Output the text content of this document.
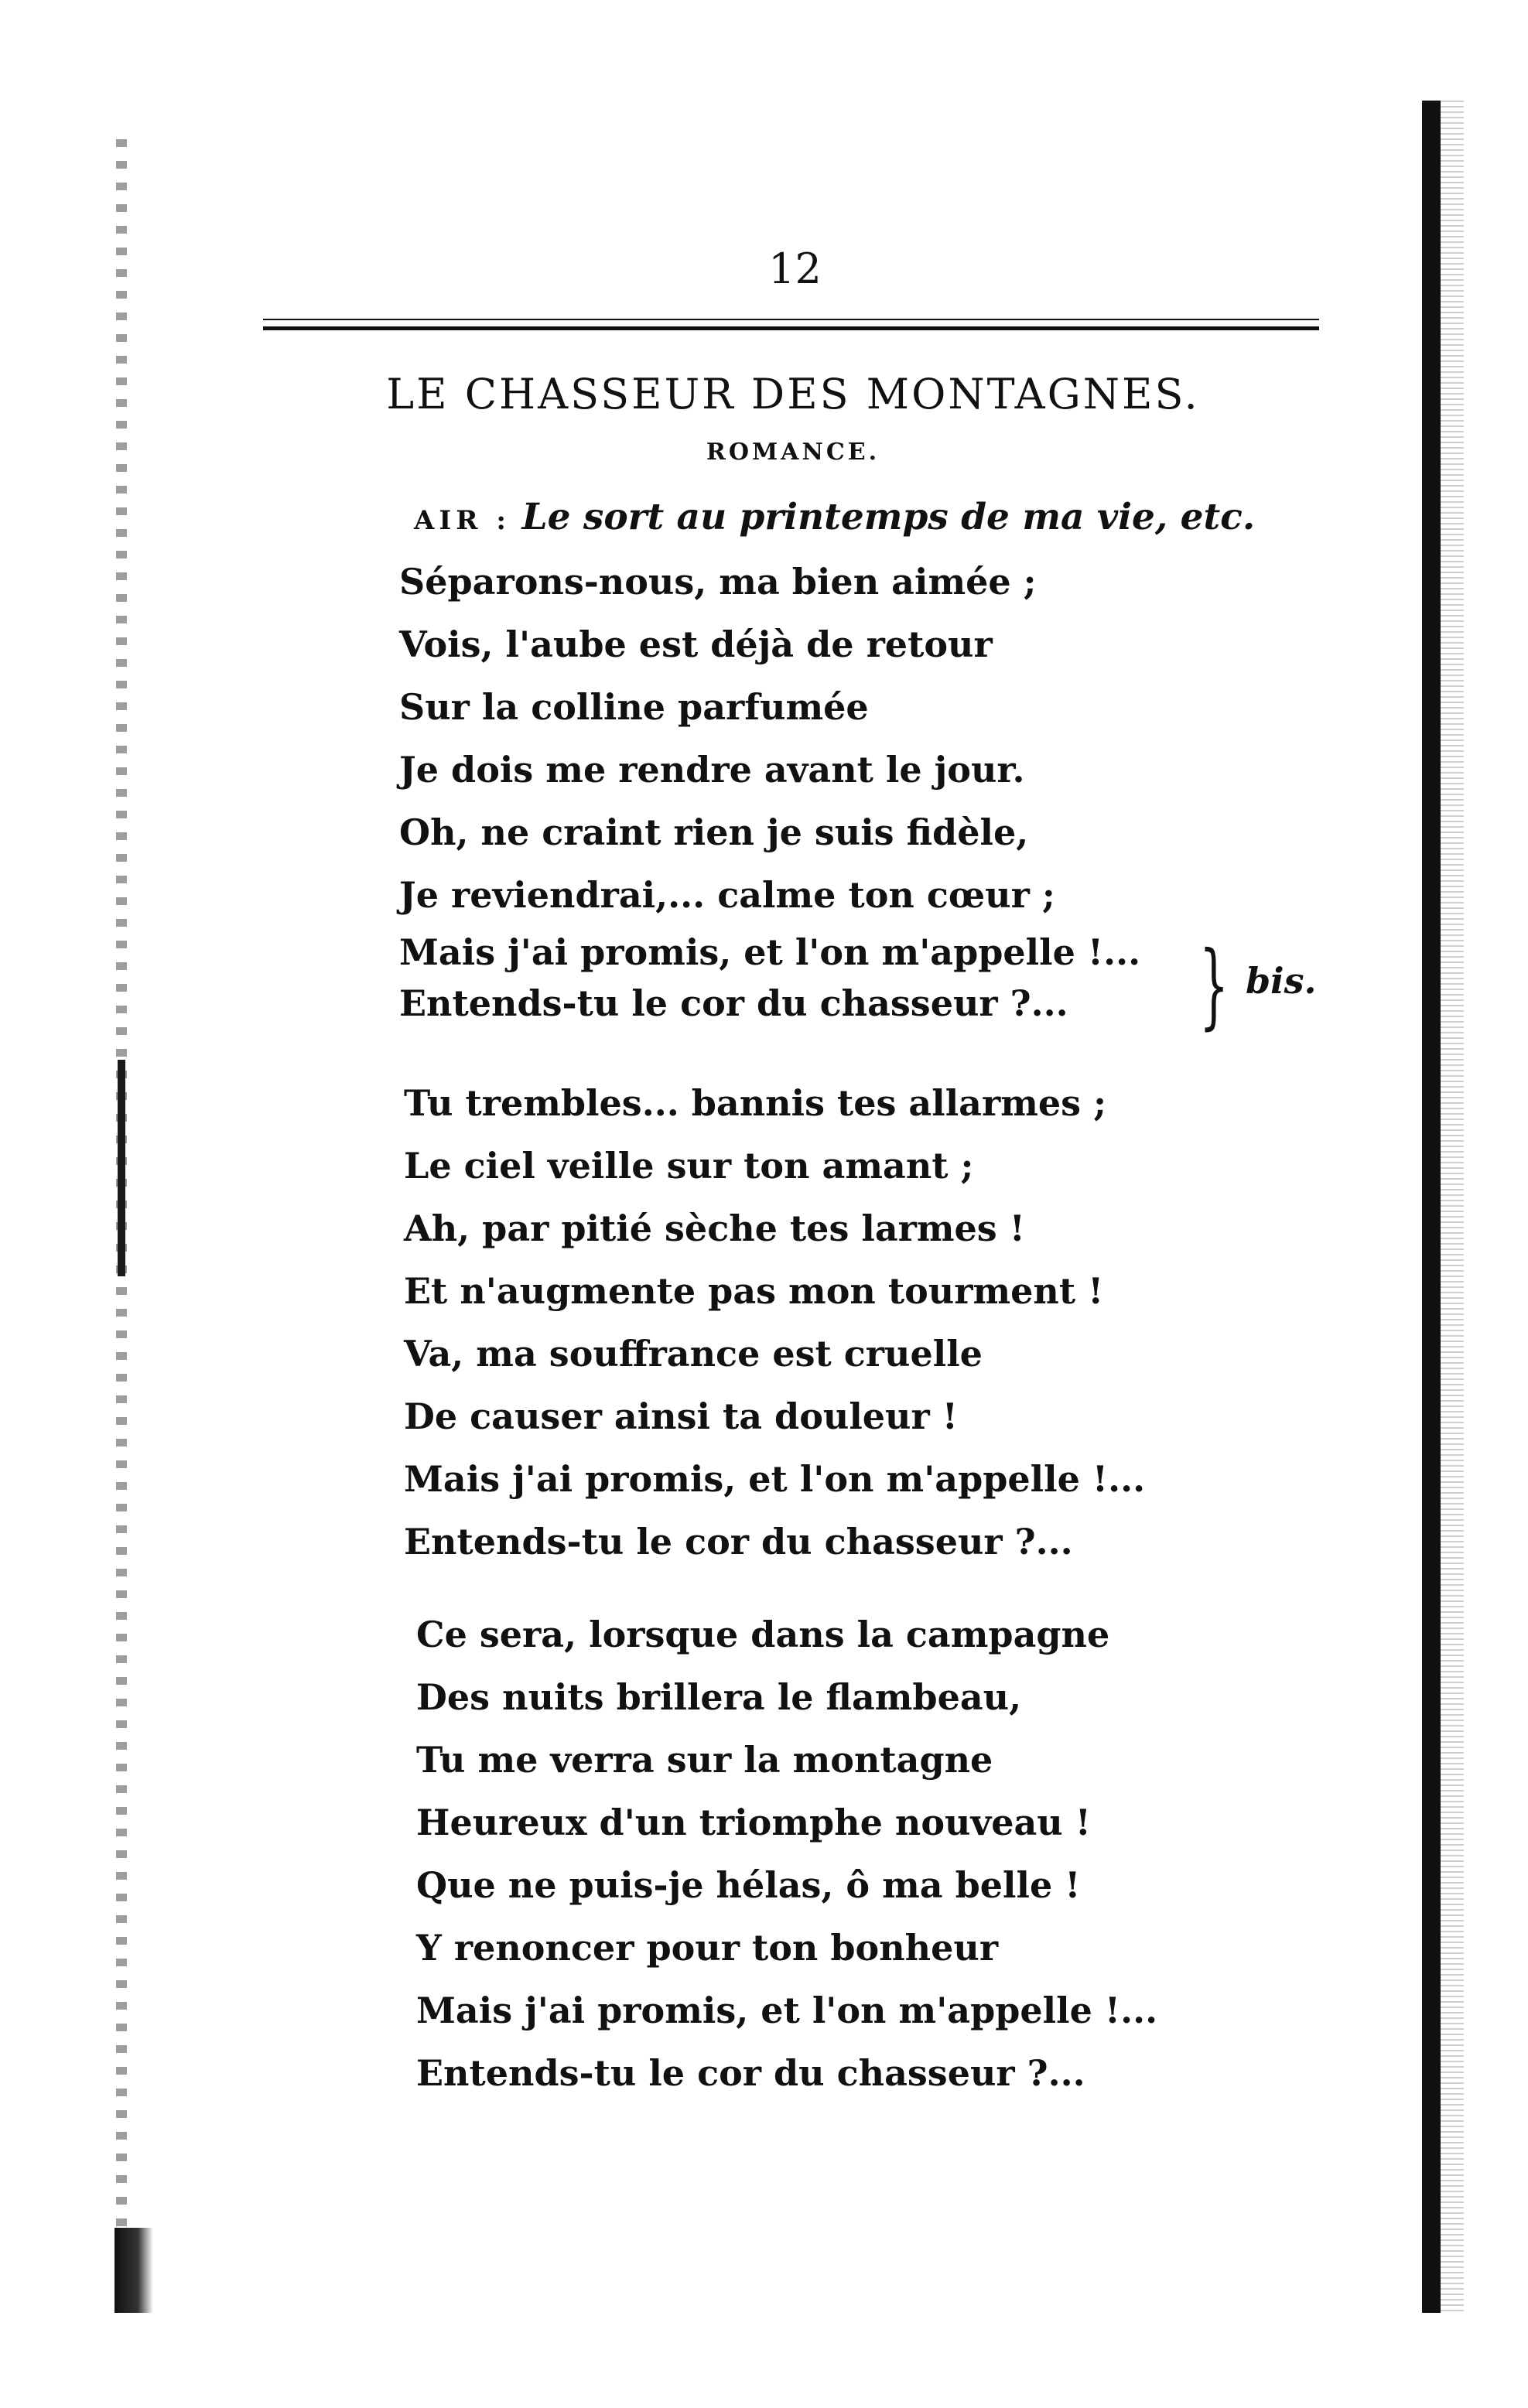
12
LE CHASSEUR DES MONTAGNES.
ROMANCE.
AIR : Le sort au printemps de ma vie, etc.
Séparons-nous, ma bien aimée ;
Vois, l'aube est déjà de retour
Sur la colline parfumée
Je dois me rendre avant le jour.
Oh, ne craint rien je suis fidèle,
Je reviendrai,... calme ton cœur ;
Mais j'ai promis, et l'on m'appelle !...
Entends-tu le cor du chasseur ?...	} bis.
Tu trembles... bannis tes allarmes ;
Le ciel veille sur ton amant ;
Ah, par pitié sèche tes larmes !
Et n'augmente pas mon tourment !
Va, ma souffrance est cruelle
De causer ainsi ta douleur !
Mais j'ai promis, et l'on m'appelle !...
Entends-tu le cor du chasseur ?...
Ce sera, lorsque dans la campagne
Des nuits brillera le flambeau,
Tu me verra sur la montagne
Heureux d'un triomphe nouveau !
Que ne puis-je hélas, ô ma belle !
Y renoncer pour ton bonheur
Mais j'ai promis, et l'on m'appelle !...
Entends-tu le cor du chasseur ?...
